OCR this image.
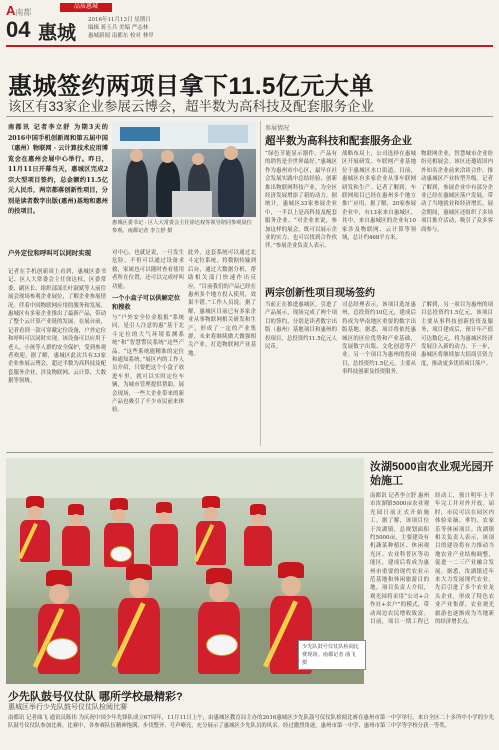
A南都
品质惠城
04 惠城
2016年11月13日 星期日
编辑 蒋玉兵 美编 严志林
惠城新闻 南都东 校对 林甲
惠城签约两项目拿下11.5亿元大单
该区有33家企业参展云博会，超半数为高科技及配套服务企业
南都讯 记者李立舒 为期3天的2016中国手机创新周和第五届中国（惠州）物联网 · 云计算技术应用博览会在惠州会展中心举行。昨日，11月11日开幕当天，惠城区完成2宗大型项目签约，总金额约11.5亿元人民币，两宗都落创新性项目，分别是读者数字出版(惠州)基地和惠州的投项目。
惠城区委书记 · 区人大常委会主任徐达权等领导陪同参观展位参观。南都记者 李立舒 摄
户外定位和呼叫可以同时实现
记者在手机创新周上看到，惠城区委书记、区人大常委会主任徐达权、区委常委、副区长、组织部部长叶淑斌等人前往展会现场参观企业展位，了解企业参展情况。伴着中国物联网应用的服务和发展，惠城区有多家企业推出了最新产品，带动了整个云计算产业链的发展。在展台前，记者看到一款可穿戴定位设备，户外定位和呼叫可以同时实现。该设备可以应用于老人、小孩等人群的安全保护，受到参观者欢迎。据了解，惠城区此次共有33家企业参展云博会，超过半数为高科技及配套服务企业，涉及物联网、云计算、大数据等领域。
对中心，也就是说，一旦发生危险，不但可以通过设备求救，家属也可以随时查看使用者所在位置，还可以完成呼叫功能。
一个小盒子可以供解定位和搜救
与“户外安全位金报报”系统同，是引人注意的惠“基于北斗定位的大气环境监测系统”和“智慧警民系统”这些产品。“这些系统能精准的定位和通知系统。”展区内的工作人员介绍，只要把这个小盒子放进车里，就可以实时定位车辆，为城市管理提供帮助。展会现场，一些大企业带来的新产品也吸引了不少市民前来体验。
此外，这套系统可以通过北斗定位系统，将数据传输到后台，通过大数据分析，帮助相关部门快速作出反应。“目前我们的产品已经在惠州多个地方投入使用，效果不错。”工作人员说。据了解，惠城区目前已有多家企业从事物联网相关研发和生产，形成了一定的产业集群，未来将继续做大做强相关产业，打造物联网产业基地。
参展情况
超半数为高科技和配套服务企业
“绿色节能显示器件，产品有的销售是全世界最好。”惠城区作为惠州市中心区，最早在社会发展实践中总结经验，创新推出物联网科技产业，为全区经济发展增添了新的动力。据统计，惠城区33家参展企业中，一半以上是高科技及配套服务企业。“对企业来说，参加这样的展会，既可以展示企业的实力，也可以找到合作伙伴。”参展企业负责人表示。
战略布局上，公司选择在惠城区开展研发。车联网产业基地位于惠城区水口街道。目前，惠城区有多家企业从事车联网研发和生产。记者了解到，车联网项目已经在惠州多个地方推广应用。据了解，20家参展企业中，有13家来自惠城区，其中，来自惠城区的企业有10家涉及物联网、云计算等领域，总计约468平方米。
物联网企业，智慧城市企业纷纷亮相展会。该区还邀请国内外知名企业前来洽谈合作，推动惠城区产业转型升级。记者了解到，参展企业中有部分企业已经在惠城区落户发展，带动了当地就业和经济增长。展会期间，惠城区还组织了多场项目推介活动，吸引了众多客商参与。
两宗创新性项目现场签约
当前正在推进惠城区，引进了产品展示，现场完成了两个项目的签约，分别是读者数字出版（惠州）基地项目和惠州的投项目，总投资约11.5亿元人民币。
司总经理表示，该项目选址惠州，总投资约10亿元，建成后将成为华南地区重要的数字出版基地。据悉，项目将依托惠城区的区位优势和产业基础，发展数字出版、文化创意等产业。另一个项目为惠州的投项目，总投资约1.5亿元，主要从事科技创新及投资服务。
了解到，另一项目为惠州的项目总投资约1.5亿元，该项目主要从事科技创新投资及服务，项目建成后，预计年产值可达数亿元，将为惠城区经济发展注入新的动力。下一步，惠城区将继续加大招商引资力度，推动更多优质项目落户。
少先队鼓号仪仗队检阅比赛现场。南都记者 曲飞 摄
汝湖5000亩农业观光园开始施工
南都讯 记者李立舒 惠州市汝湖镇5000亩农业观光园日前正式开始施工。据了解，该项目位于汝湖镇，总规划面积约5000亩，主要建设有机蔬菜种植区、休闲观光区、农业科普区等功能区，建成后将成为惠州市重要的现代农业示范基地和休闲旅游目的地。项目负责人介绍，观光园将采用“公司+合作社+农户”的模式，带动周边农民增收致富。目前，项目一期工程已经动工，预计明年上半年完工并对外开放。届时，市民可以在园区内体验采摘、垂钓、农家乐等休闲项目。汝湖镇相关负责人表示，该项目的建设将有力推动当地农业产业结构调整，促进一二三产业融合发展。据悉，汝湖镇近年来大力发展现代农业，先后引进了多个农业龙头企业，形成了特色农业产业集群，农业观光旅游也逐渐成为当地新的经济增长点。
少先队鼓号仪仗队 哪所学校最精彩?
惠城区举行少先队鼓号仪仗队检阅比赛
南都讯 记者曲飞 通讯员陈伟 为庆祝中国少年先锋队成立67周年，11月11日上午，由惠城区教育局主办的2016惠城区少先队鼓号仪仗队检阅比赛在惠州市第一中学举行，来自全区二十多所中小学的少先队鼓号仪仗队参加比赛。比赛中，各参赛队伍精神饱满、步伐整齐、号声嘹亮，充分展示了惠城区少先队员的风采。经过激烈角逐，惠州市第一中学、惠州市第三中学等学校分获一等奖。
